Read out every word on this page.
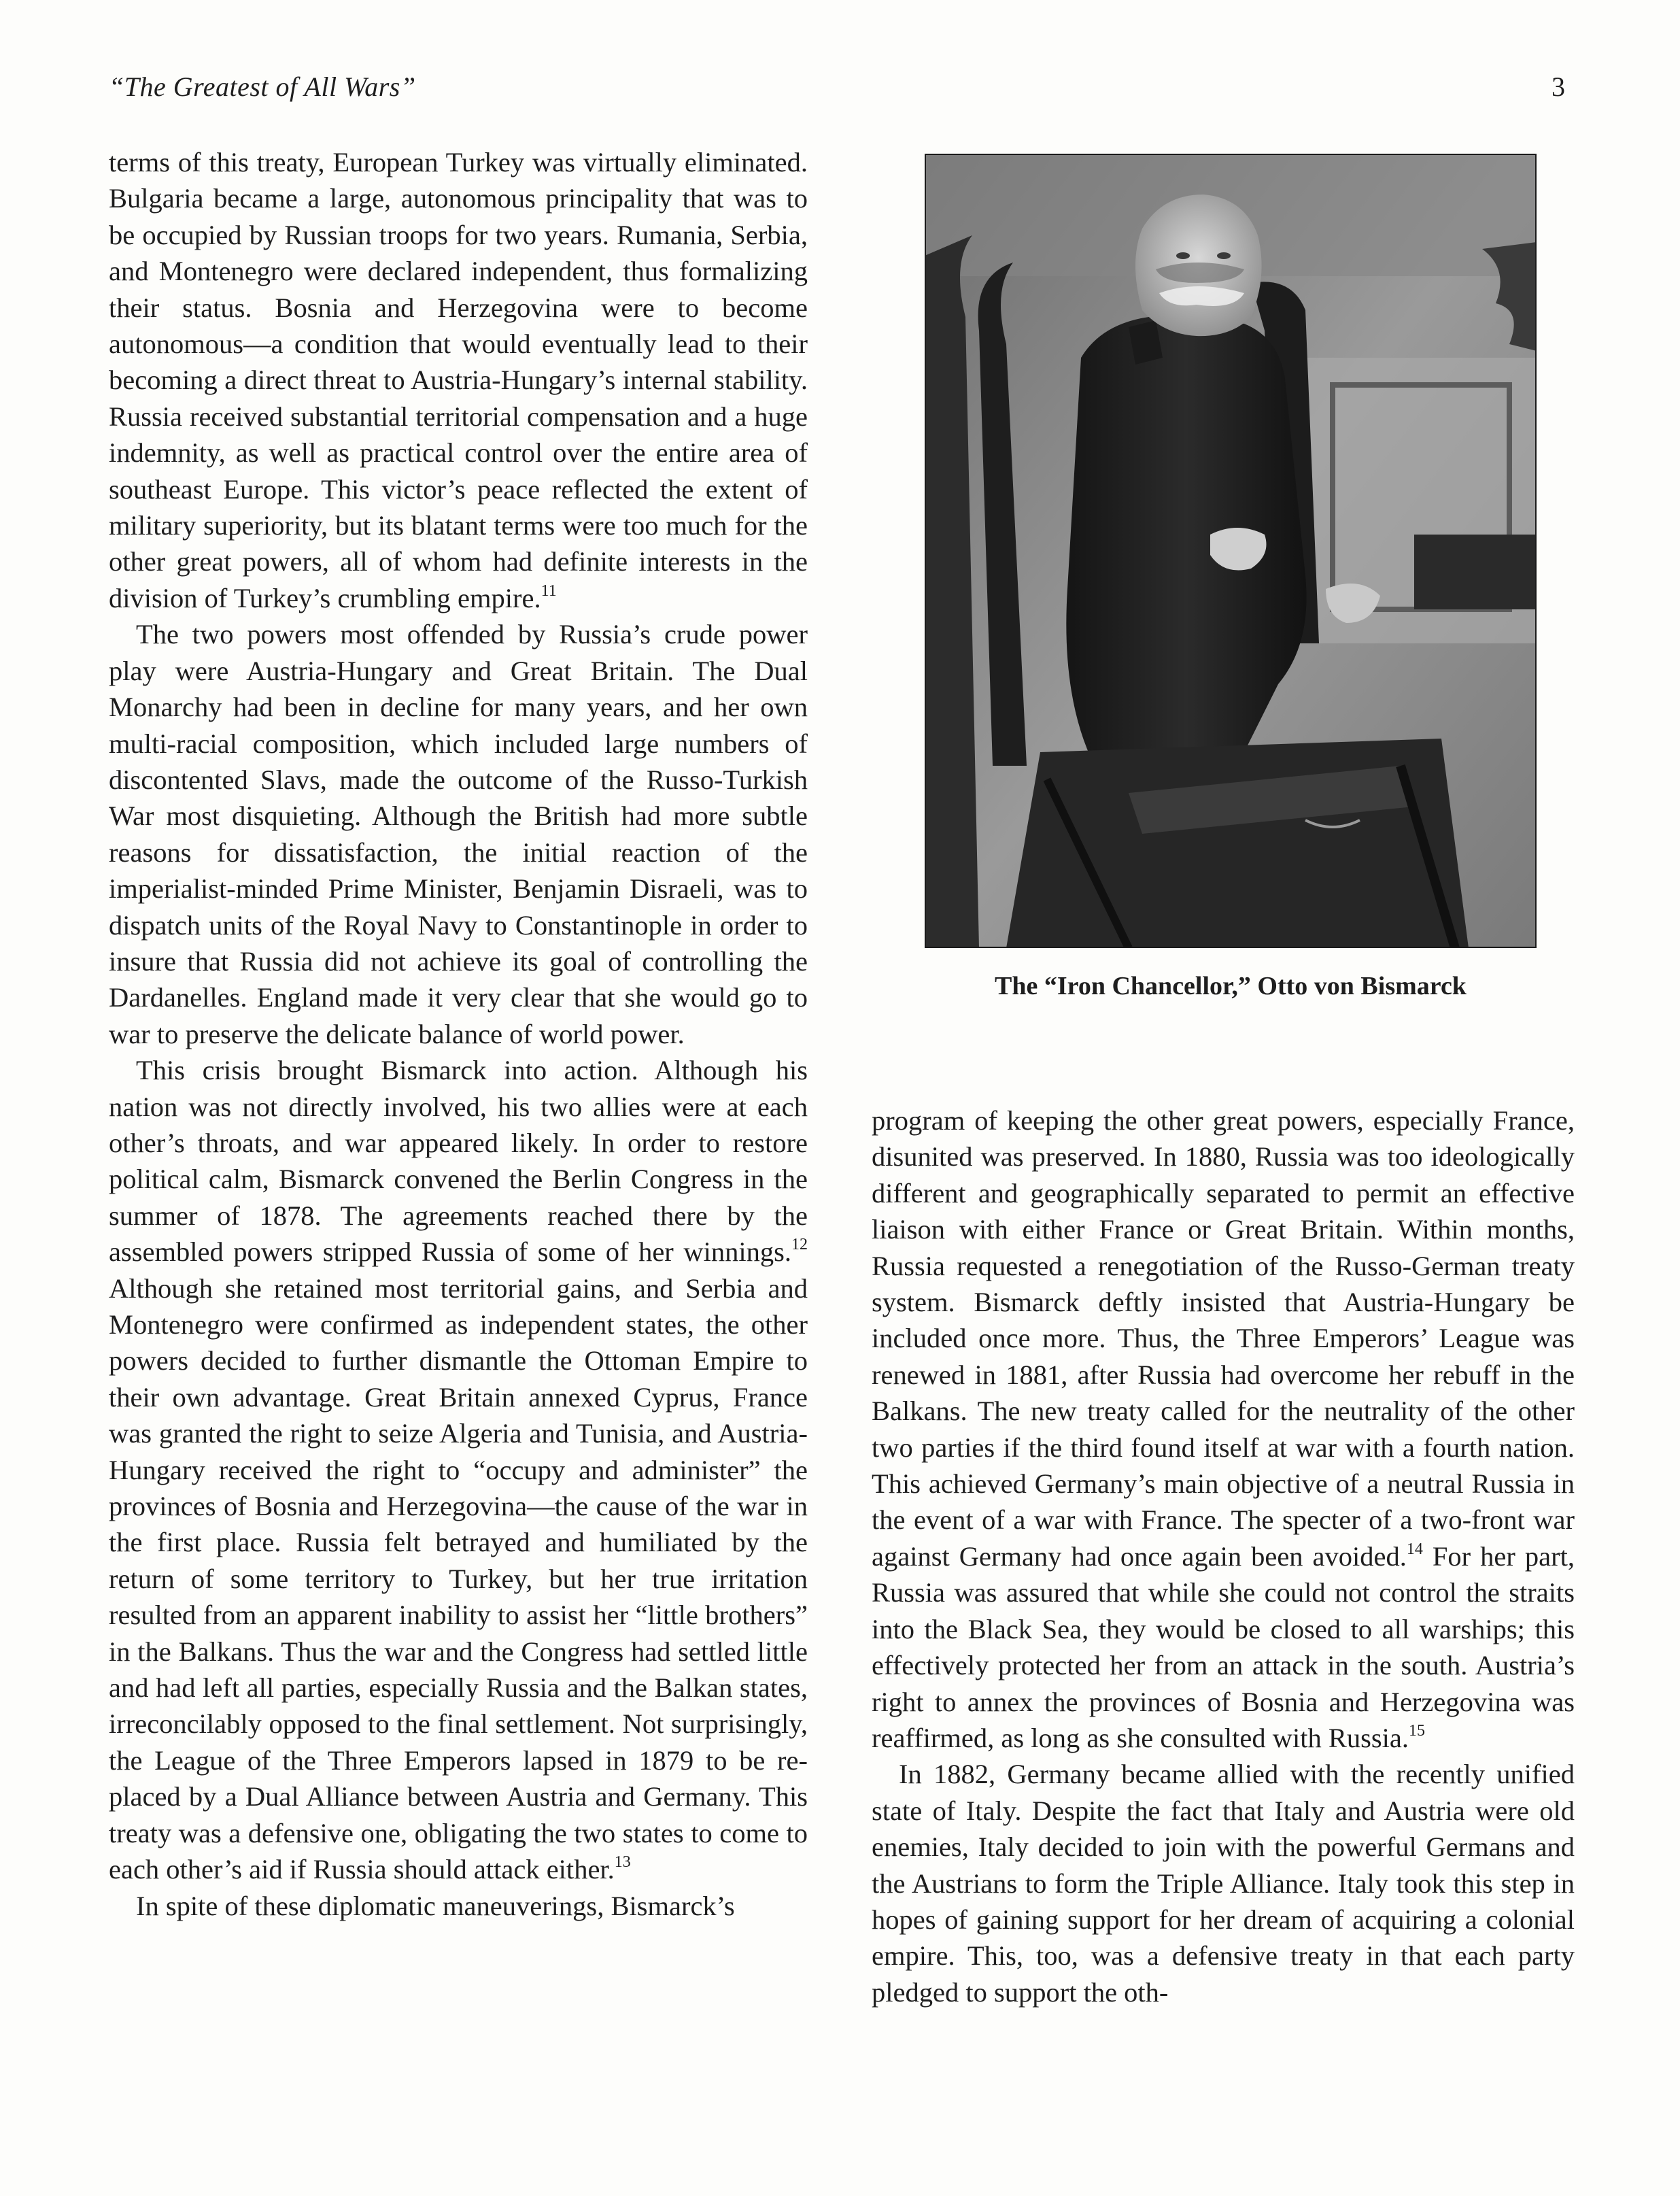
“The Greatest of All Wars”	3

terms of this treaty, European Turkey was virtually eliminated. Bulgaria became a large, autonomous principality that was to be occupied by Russian troops for two years. Rumania, Serbia, and Montenegro were declared independent, thus formalizing their status. Bosnia and Herzegovina were to become autonomous—a condition that would eventually lead to their becoming a direct threat to Austria-Hungary’s internal stability. Russia received substantial territorial compensation and a huge indemnity, as well as practical control over the entire area of southeast Europe. This victor’s peace reflected the extent of military superiority, but its blatant terms were too much for the other great powers, all of whom had definite interests in the division of Turkey’s crumbling empire.$^{11}$

The two powers most offended by Russia’s crude power play were Austria-Hungary and Great Britain. The Dual Monarchy had been in decline for many years, and her own multi-racial composition, which included large numbers of discontented Slavs, made the outcome of the Russo-Turkish War most disquieting. Although the British had more subtle reasons for dissatisfaction, the initial reaction of the imperialist-minded Prime Minister, Benjamin Disraeli, was to dispatch units of the Royal Navy to Constantinople in order to insure that Russia did not achieve its goal of controlling the Dardanelles. England made it very clear that she would go to war to preserve the delicate balance of world power.

This crisis brought Bismarck into action. Although his nation was not directly involved, his two allies were at each other’s throats, and war appeared likely. In order to restore political calm, Bismarck convened the Berlin Congress in the summer of 1878. The agreements reached there by the assembled powers stripped Russia of some of her winnings.$^{12}$ Although she retained most territorial gains, and Serbia and Montenegro were confirmed as independent states, the other powers decided to further dismantle the Ottoman Empire to their own advantage. Great Britain annexed Cyprus, France was granted the right to seize Algeria and Tunisia, and Austria-Hungary received the right to “occupy and administer” the provinces of Bosnia and Herzegovina—the cause of the war in the first place. Russia felt betrayed and humiliated by the return of some territory to Turkey, but her true irritation resulted from an apparent inability to assist her “little brothers” in the Balkans. Thus the war and the Congress had settled little and had left all parties, especially Russia and the Balkan states, irreconcilably opposed to the final settlement. Not surprisingly, the League of the Three Emperors lapsed in 1879 to be replaced by a Dual Alliance between Austria and Germany. This treaty was a defensive one, obligating the two states to come to each other’s aid if Russia should attack either.$^{13}$

In spite of these diplomatic maneuverings, Bismarck’s

The “Iron Chancellor,” Otto von Bismarck

program of keeping the other great powers, especially France, disunited was preserved. In 1880, Russia was too ideologically different and geographically separated to permit an effective liaison with either France or Great Britain. Within months, Russia requested a renegotiation of the Russo-German treaty system. Bismarck deftly insisted that Austria-Hungary be included once more. Thus, the Three Emperors’ League was renewed in 1881, after Russia had overcome her rebuff in the Balkans. The new treaty called for the neutrality of the other two parties if the third found itself at war with a fourth nation. This achieved Germany’s main objective of a neutral Russia in the event of a war with France. The specter of a two-front war against Germany had once again been avoided.$^{14}$ For her part, Russia was assured that while she could not control the straits into the Black Sea, they would be closed to all warships; this effectively protected her from an attack in the south. Austria’s right to annex the provinces of Bosnia and Herzegovina was reaffirmed, as long as she consulted with Russia.$^{15}$

In 1882, Germany became allied with the recently unified state of Italy. Despite the fact that Italy and Austria were old enemies, Italy decided to join with the powerful Germans and the Austrians to form the Triple Alliance. Italy took this step in hopes of gaining support for her dream of acquiring a colonial empire. This, too, was a defensive treaty in that each party pledged to support the oth-
